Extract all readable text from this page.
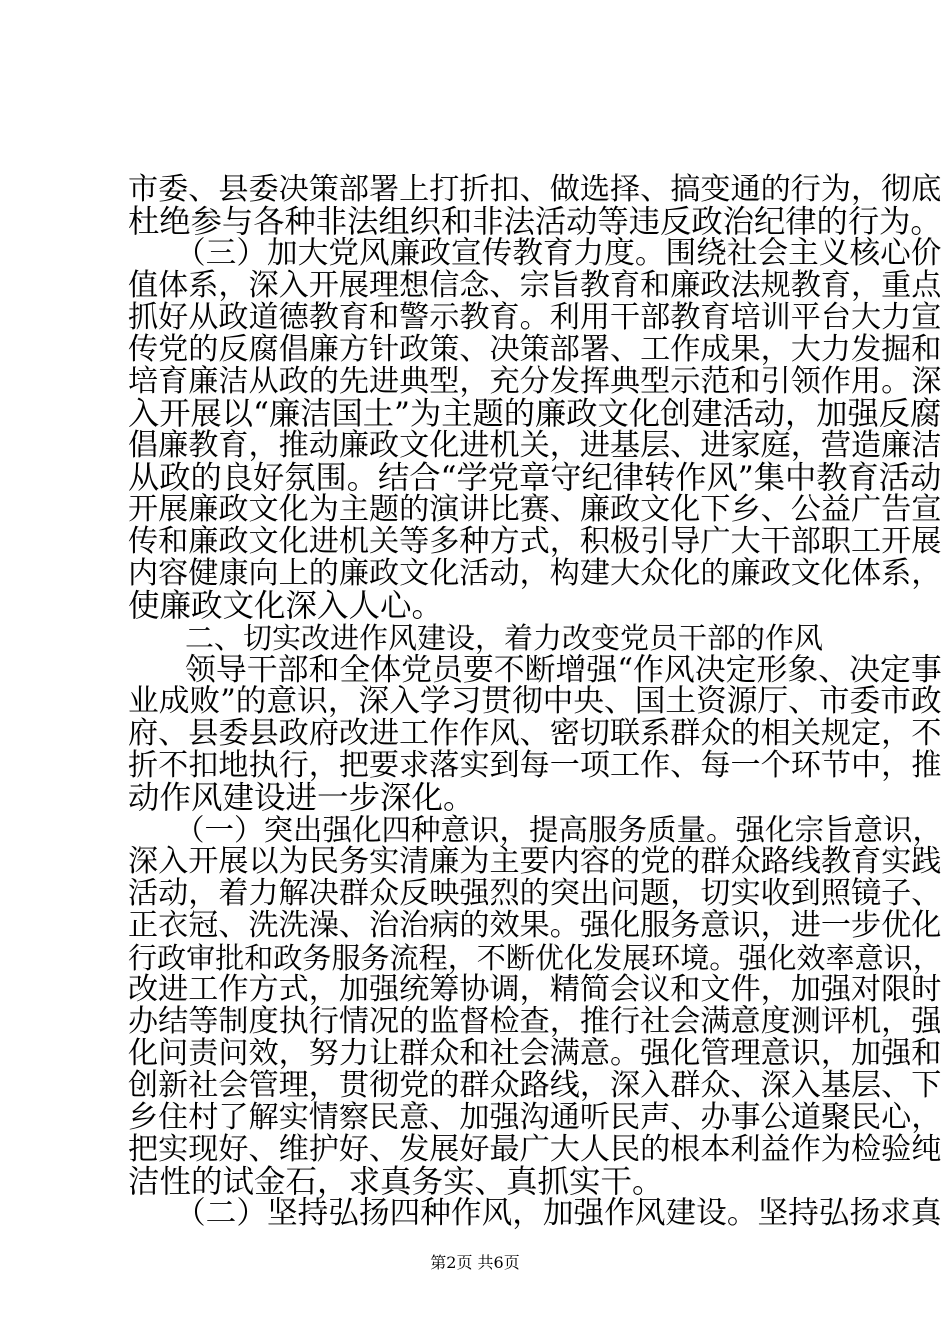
市委、县委决策部署上打折扣、做选择、搞变通的行为，彻底
杜绝参与各种非法组织和非法活动等违反政治纪律的行为。
（三）加大党风廉政宣传教育力度。围绕社会主义核心价
值体系，深入开展理想信念、宗旨教育和廉政法规教育，重点
抓好从政道德教育和警示教育。利用干部教育培训平台大力宣
传党的反腐倡廉方针政策、决策部署、工作成果，大力发掘和
培育廉洁从政的先进典型，充分发挥典型示范和引领作用。深
入开展以“廉洁国土”为主题的廉政文化创建活动，加强反腐
倡廉教育，推动廉政文化进机关，进基层、进家庭，营造廉洁
从政的良好氛围。结合“学党章守纪律转作风”集中教育活动
开展廉政文化为主题的演讲比赛、廉政文化下乡、公益广告宣
传和廉政文化进机关等多种方式，积极引导广大干部职工开展
内容健康向上的廉政文化活动，构建大众化的廉政文化体系，
使廉政文化深入人心。
二、切实改进作风建设，着力改变党员干部的作风
领导干部和全体党员要不断增强“作风决定形象、决定事
业成败”的意识，深入学习贯彻中央、国土资源厅、市委市政
府、县委县政府改进工作作风、密切联系群众的相关规定，不
折不扣地执行，把要求落实到每一项工作、每一个环节中，推
动作风建设进一步深化。
（一）突出强化四种意识，提高服务质量。强化宗旨意识，
深入开展以为民务实清廉为主要内容的党的群众路线教育实践
活动，着力解决群众反映强烈的突出问题，切实收到照镜子、
正衣冠、洗洗澡、治治病的效果。强化服务意识，进一步优化
行政审批和政务服务流程，不断优化发展环境。强化效率意识，
改进工作方式，加强统筹协调，精简会议和文件，加强对限时
办结等制度执行情况的监督检查，推行社会满意度测评机，强
化问责问效，努力让群众和社会满意。强化管理意识，加强和
创新社会管理，贯彻党的群众路线，深入群众、深入基层、下
乡住村了解实情察民意、加强沟通听民声、办事公道聚民心，
把实现好、维护好、发展好最广大人民的根本利益作为检验纯
洁性的试金石，求真务实、真抓实干。
（二）坚持弘扬四种作风，加强作风建设。坚持弘扬求真
第2页 共6页
